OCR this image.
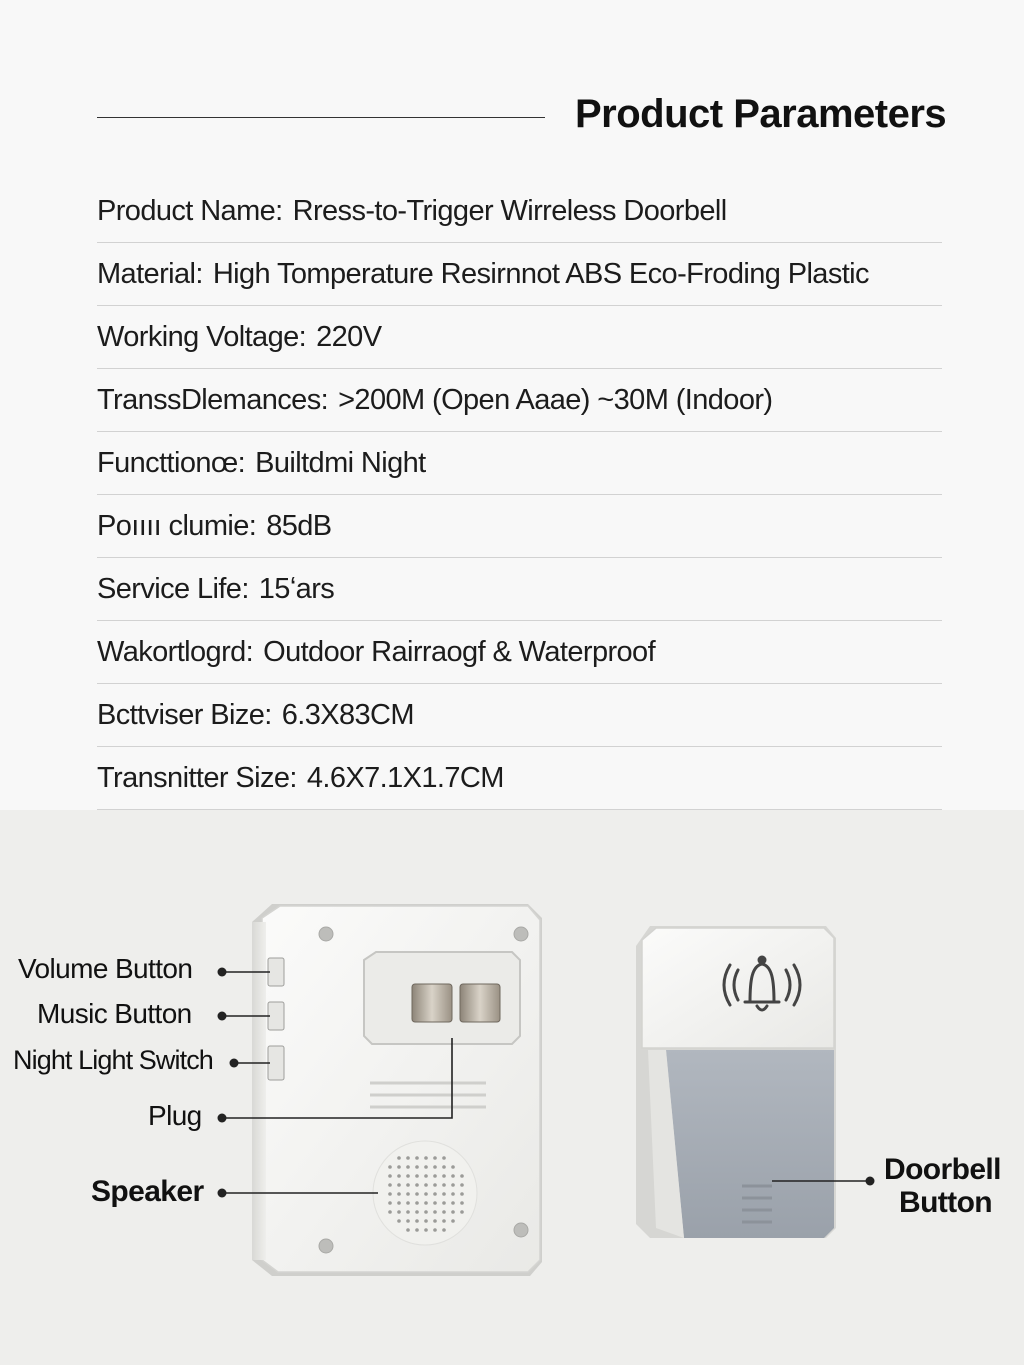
Product Parameters
Product Name: Rress-to-Trigger Wirreless Doorbell
Material: High Tomperature Resirnnot ABS Eco-Froding Plastic
Working Voltage: 220V
TranssDlemances: >200M (Open Aaae) ~30M (Indoor)
Functtionœ: Builtdmi Night
Poıııı clumie: 85dB
Service Life: 15ʻars
Wakortlogrd: Outdoor Rairraogf & Waterproof
Bcttviser Bize: 6.3X83CM
Transnitter Size: 4.6X7.1X1.7CM
Volume Button
Music Button
Night Light Switch
Plug
Speaker
Doorbell
Button
